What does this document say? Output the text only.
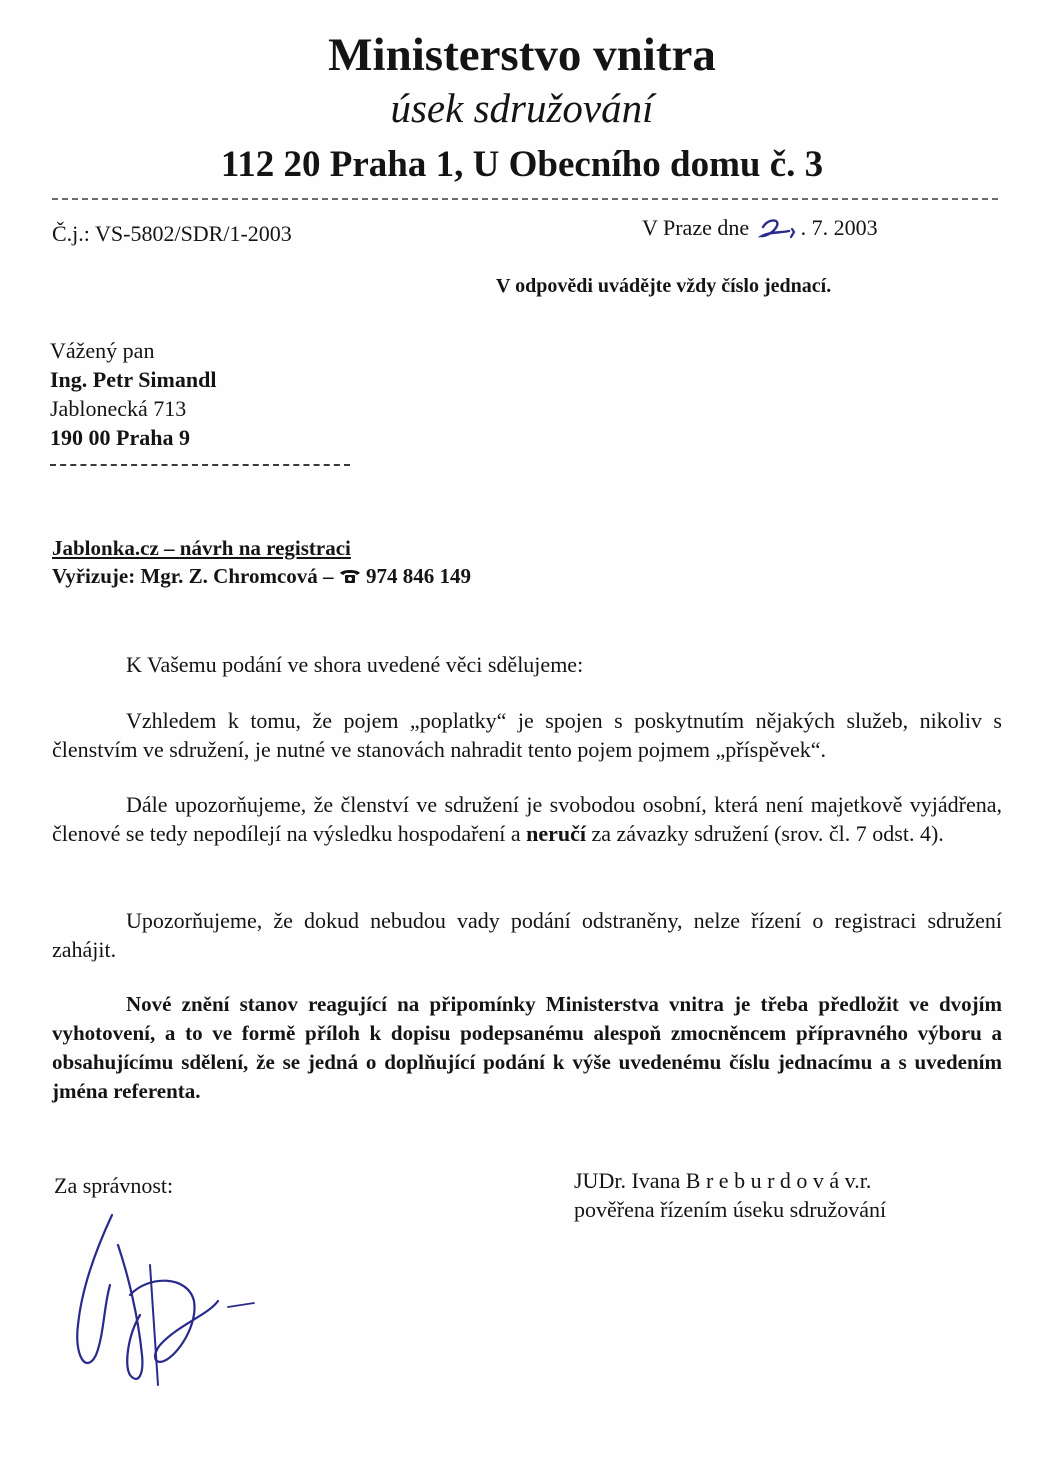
Ministerstvo vnitra
úsek sdružování
112 20 Praha 1, U Obecního domu č. 3
Č.j.: VS-5802/SDR/1-2003	V Praze dne . 7. 2003
V odpovědi uvádějte vždy číslo jednací.
Vážený pan
Ing. Petr Simandl
Jablonecká 713
190 00 Praha 9
Jablonka.cz – návrh na registraci
Vyřizuje: Mgr. Z. Chromcová – 974 846 149
K Vašemu podání ve shora uvedené věci sdělujeme:
Vzhledem k tomu, že pojem „poplatky“ je spojen s poskytnutím nějakých služeb, nikoliv s členstvím ve sdružení, je nutné ve stanovách nahradit tento pojem pojmem „příspěvek“.
Dále upozorňujeme, že členství ve sdružení je svobodou osobní, která není majetkově vyjádřena, členové se tedy nepodílejí na výsledku hospodaření a neručí za závazky sdružení (srov. čl. 7 odst. 4).
Upozorňujeme, že dokud nebudou vady podání odstraněny, nelze řízení o registraci sdružení zahájit.
Nové znění stanov reagující na připomínky Ministerstva vnitra je třeba předložit ve dvojím vyhotovení, a to ve formě příloh k dopisu podepsanému alespoň zmocněncem přípravného výboru a obsahujícímu sdělení, že se jedná o doplňující podání k výše uvedenému číslu jednacímu a s uvedením jména referenta.
Za správnost:	JUDr. Ivana B r e b u r d o v á v.r.
pověřena řízením úseku sdružování
